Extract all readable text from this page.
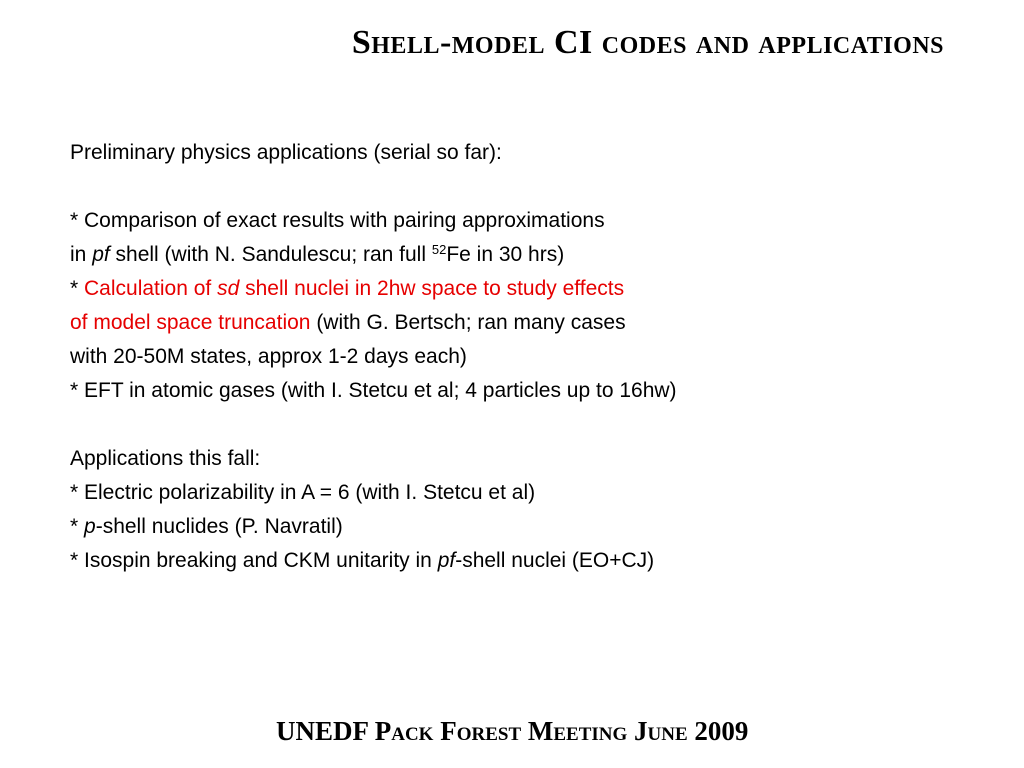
Shell-model CI codes and applications
Preliminary physics applications (serial so far):
* Comparison of exact results with pairing approximations
in pf shell (with N. Sandulescu; ran full $^{52}$Fe in 30 hrs)
* Calculation of sd shell nuclei in 2hw space to study effects
of model space truncation (with G. Bertsch; ran many cases
with 20-50M states, approx 1-2 days each)
* EFT in atomic gases (with I. Stetcu et al; 4 particles up to 16hw)
Applications this fall:
* Electric polarizability in A = 6 (with I. Stetcu et al)
* p-shell nuclides (P. Navratil)
* Isospin breaking and CKM unitarity in pf-shell nuclei (EO+CJ)
UNEDF Pack Forest Meeting June 2009
